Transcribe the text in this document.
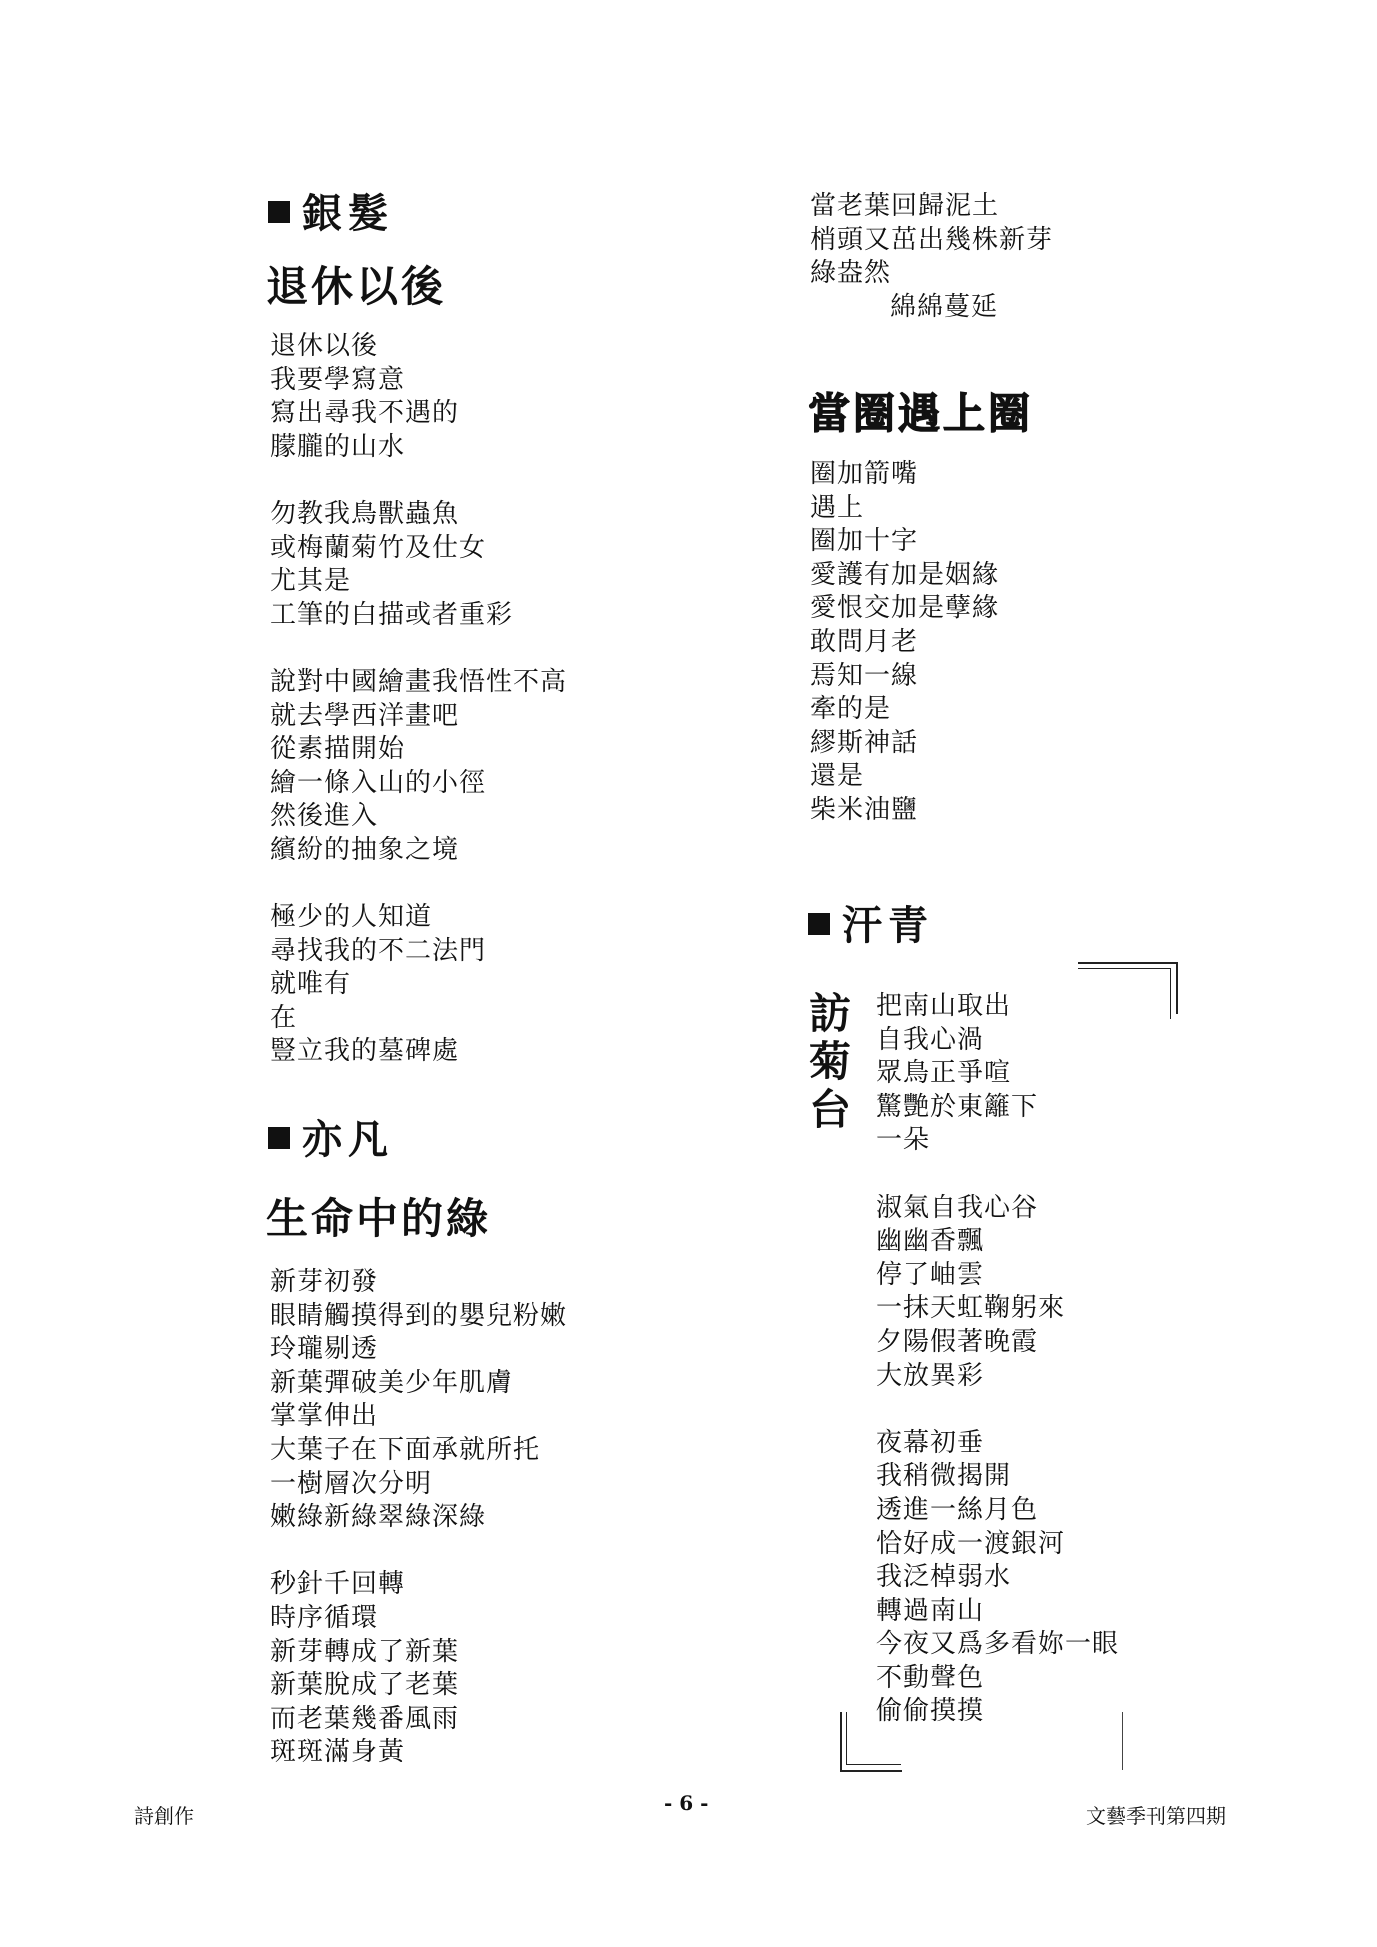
銀髮
退休以後
退休以後
我要學寫意
寫出尋我不遇的
朦朧的山水
勿教我鳥獸蟲魚
或梅蘭菊竹及仕女
尤其是
工筆的白描或者重彩
說對中國繪畫我悟性不高
就去學西洋畫吧
從素描開始
繪一條入山的小徑
然後進入
繽紛的抽象之境
極少的人知道
尋找我的不二法門
就唯有
在
豎立我的墓碑處
亦凡
生命中的綠
新芽初發
眼睛觸摸得到的嬰兒粉嫩
玲瓏剔透
新葉彈破美少年肌膚
掌掌伸出
大葉子在下面承就所托
一樹層次分明
嫩綠新綠翠綠深綠
秒針千回轉
時序循環
新芽轉成了新葉
新葉脫成了老葉
而老葉幾番風雨
斑斑滿身黃
當老葉回歸泥土
梢頭又茁出幾株新芽
綠盎然
綿綿蔓延
當圈遇上圈
圈加箭嘴
遇上
圈加十字
愛護有加是姻緣
愛恨交加是孽緣
敢問月老
焉知一線
牽的是
繆斯神話
還是
柴米油鹽
汗青
訪
菊
台
把南山取出
自我心渦
眾鳥正爭喧
驚艷於東籬下
一朵
淑氣自我心谷
幽幽香飄
停了岫雲
一抹天虹鞠躬來
夕陽假著晚霞
大放異彩
夜幕初垂
我稍微揭開
透進一絲月色
恰好成一渡銀河
我泛棹弱水
轉過南山
今夜又爲多看妳一眼
不動聲色
偷偷摸摸
詩創作
- 6 -
文藝季刊第四期
